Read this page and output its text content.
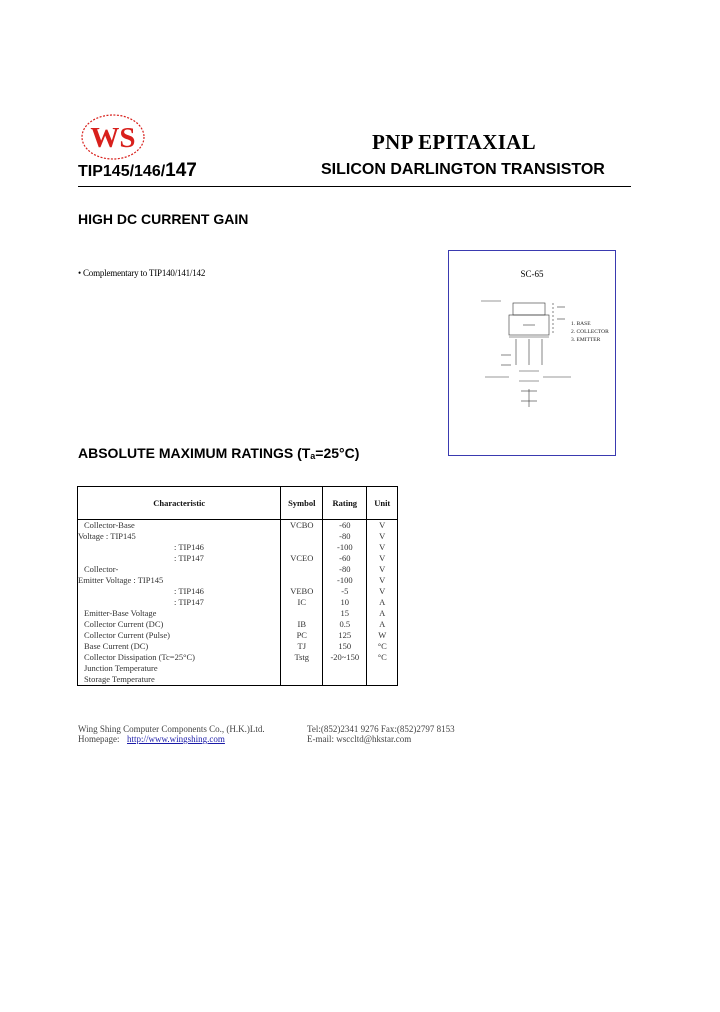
WS	PNP EPITAXIAL
TIP145/146/147	SILICON DARLINGTON TRANSISTOR
HIGH DC CURRENT GAIN
• Complementary to TIP140/141/142	SC-65
1. BASE
2. COLLECTOR
3. EMITTER
ABSOLUTE MAXIMUM RATINGS $(T_a=25^\circ C)$
Characteristic	Symbol	Rating	Unit
Collector-Base	VCBO	-60	V
Voltage : TIP145		-80	V
: TIP146		-100	V
: TIP147	VCEO	-60	V
Collector-		-80	V
Emitter Voltage : TIP145		-100	V
: TIP146	VEBO	-5	V
: TIP147	IC	10	A
Emitter-Base Voltage		15	A
Collector Current (DC)	IB	0.5	A
Collector Current (Pulse)	PC	125	W
Base Current (DC)	TJ	150	°C
Collector Dissipation (Tc=25°C)	Tstg	-20~150	°C
Junction Temperature			
Storage Temperature			
Wing Shing Computer Components Co., (H.K.)Ltd.	Tel:(852)2341 9276 Fax:(852)2797 8153
Homepage: http://www.wingshing.com	E-mail: wsccltd@hkstar.com
